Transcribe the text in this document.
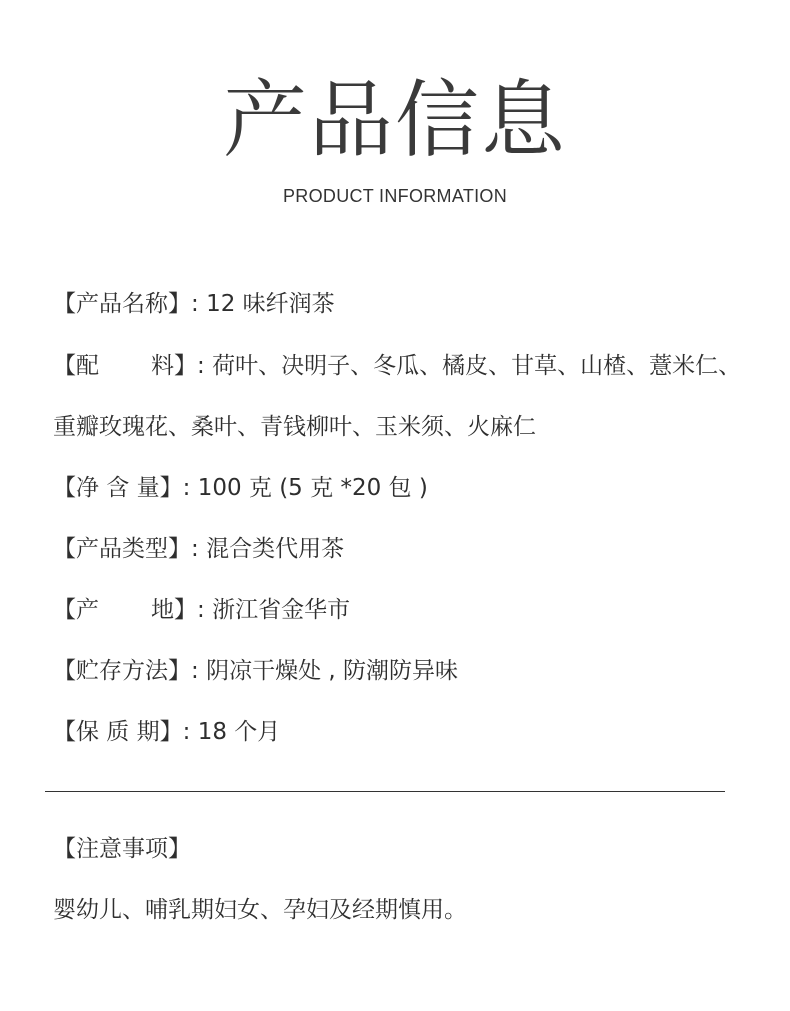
产品信息
PRODUCT INFORMATION
【产品名称】: 12 味纤润茶
【配 料】: 荷叶、决明子、冬瓜、橘皮、甘草、山楂、薏米仁、
重瓣玫瑰花、桑叶、青钱柳叶、玉米须、火麻仁
【净 含 量】: 100 克 (5 克 *20 包 )
【产品类型】: 混合类代用茶
【产 地】: 浙江省金华市
【贮存方法】: 阴凉干燥处 , 防潮防异味
【保 质 期】: 18 个月
【注意事项】
婴幼儿、哺乳期妇女、孕妇及经期慎用。
